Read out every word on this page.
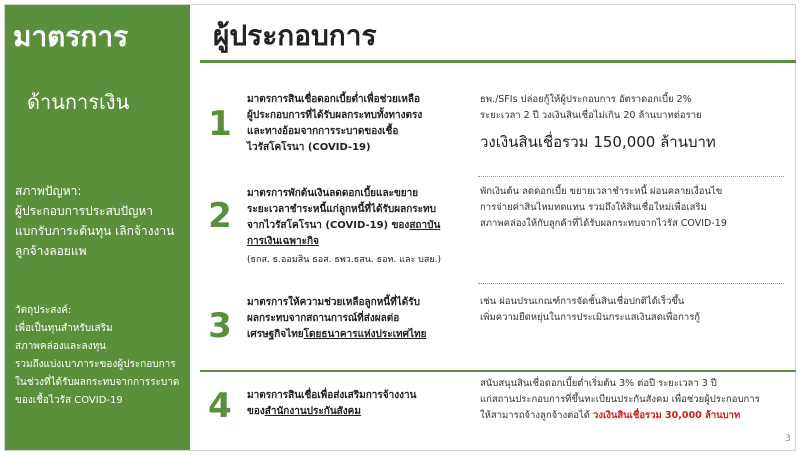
มาตรการ
ด้านการเงิน
สภาพปัญหา:
ผู้ประกอบการประสบปัญหา
แบกรับภาระต้นทุน เลิกจ้างงาน
ลูกจ้างลอยแพ
วัตถุประสงค์:
เพื่อเป็นทุนสำหรับเสริม
สภาพคล่องและลงทุน
รวมถึงแบ่งเบาภาระของผู้ประกอบการ
ในช่วงที่ได้รับผลกระทบจากการระบาด
ของเชื้อไวรัส COVID-19
ผู้ประกอบการ
1
มาตรการสินเชื่อดอกเบี้ยต่ำเพื่อช่วยเหลือ
ผู้ประกอบการที่ได้รับผลกระทบทั้งทางตรง
และทางอ้อมจากการระบาดของเชื้อ
ไวรัสโคโรนา (COVID-19)
ธพ./SFIs ปล่อยกู้ให้ผู้ประกอบการ อัตราดอกเบี้ย 2%
ระยะเวลา 2 ปี วงเงินสินเชื่อไม่เกิน 20 ล้านบาทต่อราย
วงเงินสินเชื่อรวม 150,000 ล้านบาท
2
มาตรการพักต้นเงินลดดอกเบี้ยและขยาย
ระยะเวลาชำระหนี้แก่ลูกหนี้ที่ได้รับผลกระทบ
จากไวรัสโคโรนา (COVID-19) ของสถาบัน
การเงินเฉพาะกิจ
(ธกส. ธ.ออมสิน ธอส. ธพว.ธสน. ธอท. และ บสย.)
พักเงินต้น ลดดอกเบี้ย ขยายเวลาชำระหนี้ ผ่อนคลายเงื่อนไข
การจ่ายค่าสินไหมทดแทน รวมถึงให้สินเชื่อใหม่เพื่อเสริม
สภาพคล่องให้กับลูกค้าที่ได้รับผลกระทบจากไวรัส COVID-19
3
มาตรการให้ความช่วยเหลือลูกหนี้ที่ได้รับ
ผลกระทบจากสถานการณ์ที่ส่งผลต่อ
เศรษฐกิจไทยโดยธนาคารแห่งประเทศไทย
เช่น ผ่อนปรนเกณฑ์การจัดชั้นสินเชื่อปกติได้เร็วขึ้น
เพิ่มความยืดหยุ่นในการประเมินกระแสเงินสดเพื่อการกู้
4	มาตรการสินเชื่อเพื่อส่งเสริมการจ้างงาน
ของสำนักงานประกันสังคม
สนับสนุนสินเชื่อดอกเบี้ยต่ำเริ่มต้น 3% ต่อปี ระยะเวลา 3 ปี
แก่สถานประกอบการที่ขึ้นทะเบียนประกันสังคม เพื่อช่วยผู้ประกอบการ
ให้สามารถจ้างลูกจ้างต่อได้ วงเงินสินเชื่อรวม 30,000 ล้านบาท
3
